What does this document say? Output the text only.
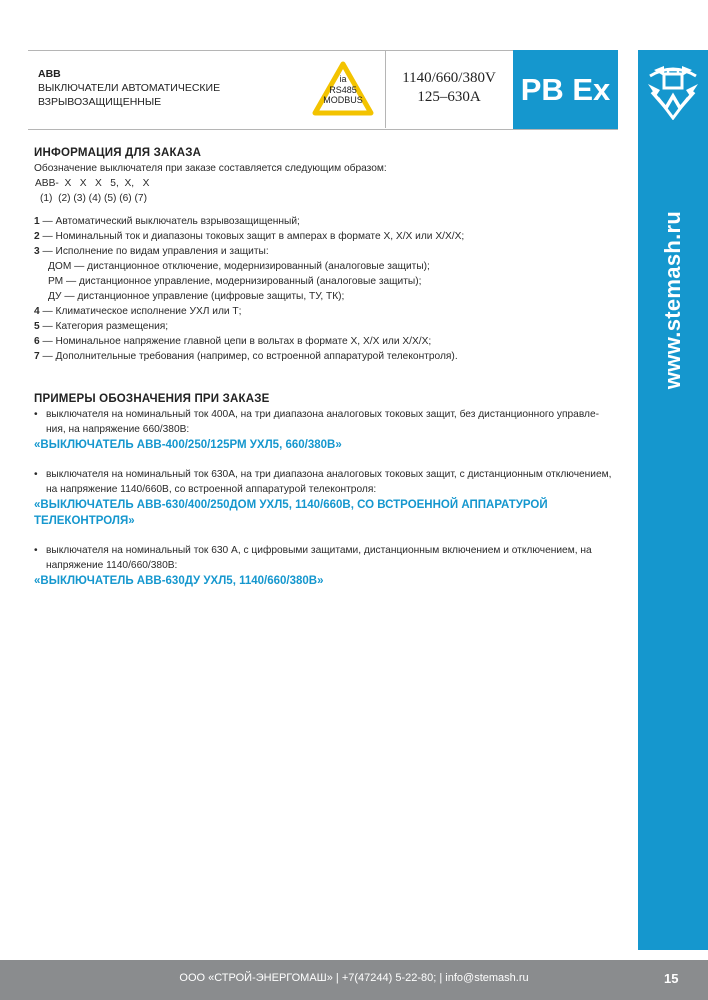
ABB
ВЫКЛЮЧАТЕЛИ АВТОМАТИЧЕСКИЕ
ВЗРЫВОЗАЩИЩЕННЫЕ
ia
RS485
MODBUS
1140/660/380V
125–630A	PB Ex
www.stemash.ru
ИНФОРМАЦИЯ ДЛЯ ЗАКАЗА
Обозначение выключателя при заказе составляется следующим образом:
АВВ-  X   X   X   5,  X,   X
(1)  (2) (3) (4) (5) (6) (7)
1 — Автоматический выключатель взрывозащищенный;
2 — Номинальный ток и диапазоны токовых защит в амперах в формате X, X/X или X/X/X;
3 — Исполнение по видам управления и защиты:
ДОМ — дистанционное отключение, модернизированный (аналоговые защиты);
РМ — дистанционное управление, модернизированный (аналоговые защиты);
ДУ — дистанционное управление (цифровые защиты, ТУ, ТК);
4 — Климатическое исполнение УХЛ или Т;
5 — Категория размещения;
6 — Номинальное напряжение главной цепи в вольтах в формате X, X/X или X/X/X;
7 — Дополнительные требования (например, со встроенной аппаратурой телеконтроля).
ПРИМЕРЫ ОБОЗНАЧЕНИЯ ПРИ ЗАКАЗЕ
• выключателя на номинальный ток 400А, на три диапазона аналоговых токовых защит, без дистанционного управле-
ния, на напряжение 660/380В:
«ВЫКЛЮЧАТЕЛЬ АВВ-400/250/125РМ УХЛ5, 660/380В»
• выключателя на номинальный ток 630А, на три диапазона аналоговых токовых защит, с дистанционным отключением,
на напряжение 1140/660В, со встроенной аппаратурой телеконтроля:
«ВЫКЛЮЧАТЕЛЬ АВВ-630/400/250ДОМ УХЛ5, 1140/660В, СО ВСТРОЕННОЙ АППАРАТУРОЙ
ТЕЛЕКОНТРОЛЯ»
• выключателя на номинальный ток 630 А, с цифровыми защитами, дистанционным включением и отключением, на
напряжение 1140/660/380В:
«ВЫКЛЮЧАТЕЛЬ АВВ-630ДУ УХЛ5, 1140/660/380В»
ООО «СТРОЙ-ЭНЕРГОМАШ» | +7(47244) 5-22-80; | info@stemash.ru	15
